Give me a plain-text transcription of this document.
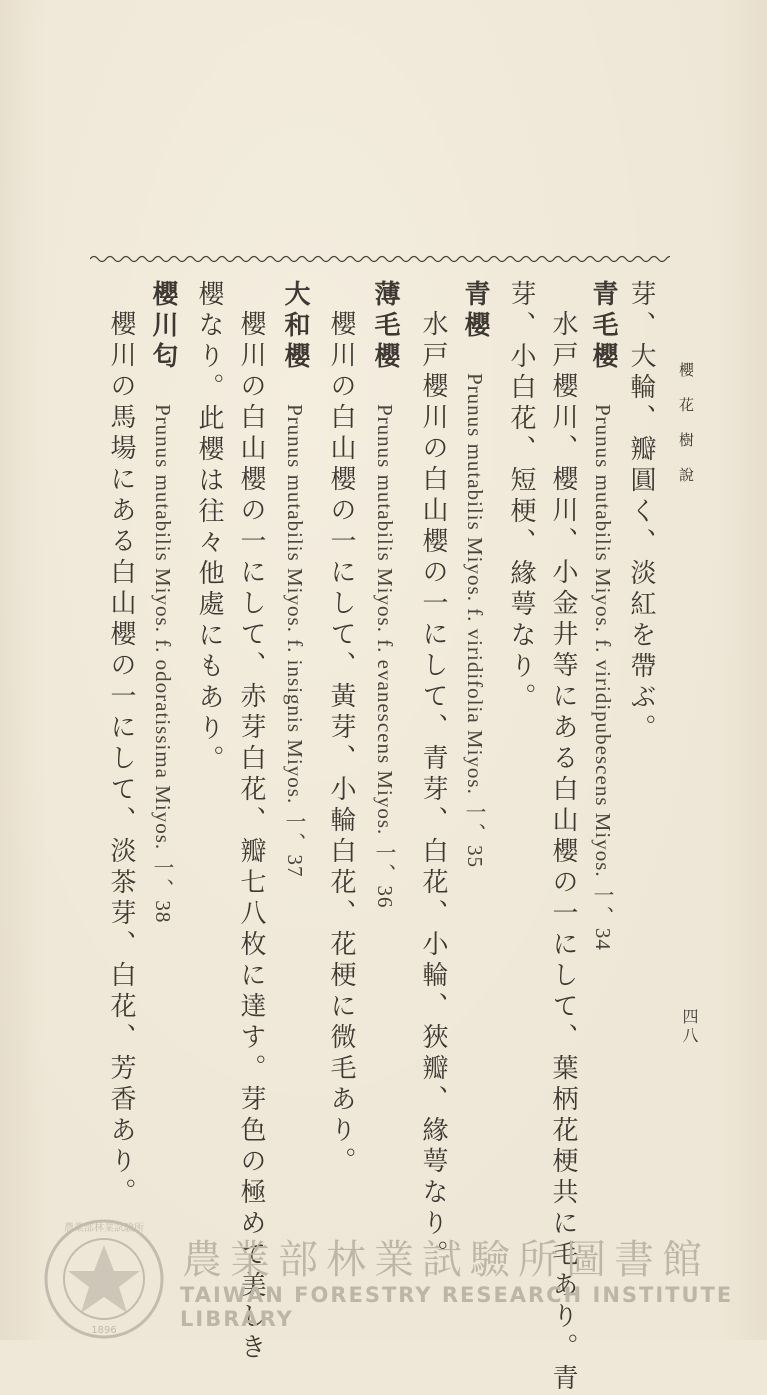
櫻花樹說
四八
芽、大輪、瓣圓く、淡紅を帶ぶ。
青毛櫻 Prunus mutabilis Miyos. f. viridipubescens Miyos. 一、34
水戸櫻川、櫻川、小金井等にある白山櫻の一にして、葉柄花梗共に毛あり。青
芽、小白花、短梗、緣萼なり。
青櫻 Prunus mutabilis Miyos. f. viridifolia Miyos. 一、35
水戸櫻川の白山櫻の一にして、青芽、白花、小輪、狹瓣、緣萼なり。
薄毛櫻 Prunus mutabilis Miyos. f. evanescens Miyos. 一、36
櫻川の白山櫻の一にして、黃芽、小輪白花、花梗に微毛あり。
大和櫻 Prunus mutabilis Miyos. f. insignis Miyos. 一、37
櫻川の白山櫻の一にして、赤芽白花、瓣七八枚に達す。芽色の極めて美しき
櫻なり。此櫻は往々他處にもあり。
櫻川匂 Prunus mutabilis Miyos. f. odoratissima Miyos. 一、38
櫻川の馬場にある白山櫻の一にして、淡茶芽、白花、芳香あり。
1896
農業部林業試驗所
農業部林業試驗所圖書館
TAIWAN FORESTRY RESEARCH INSTITUTE LIBRARY
